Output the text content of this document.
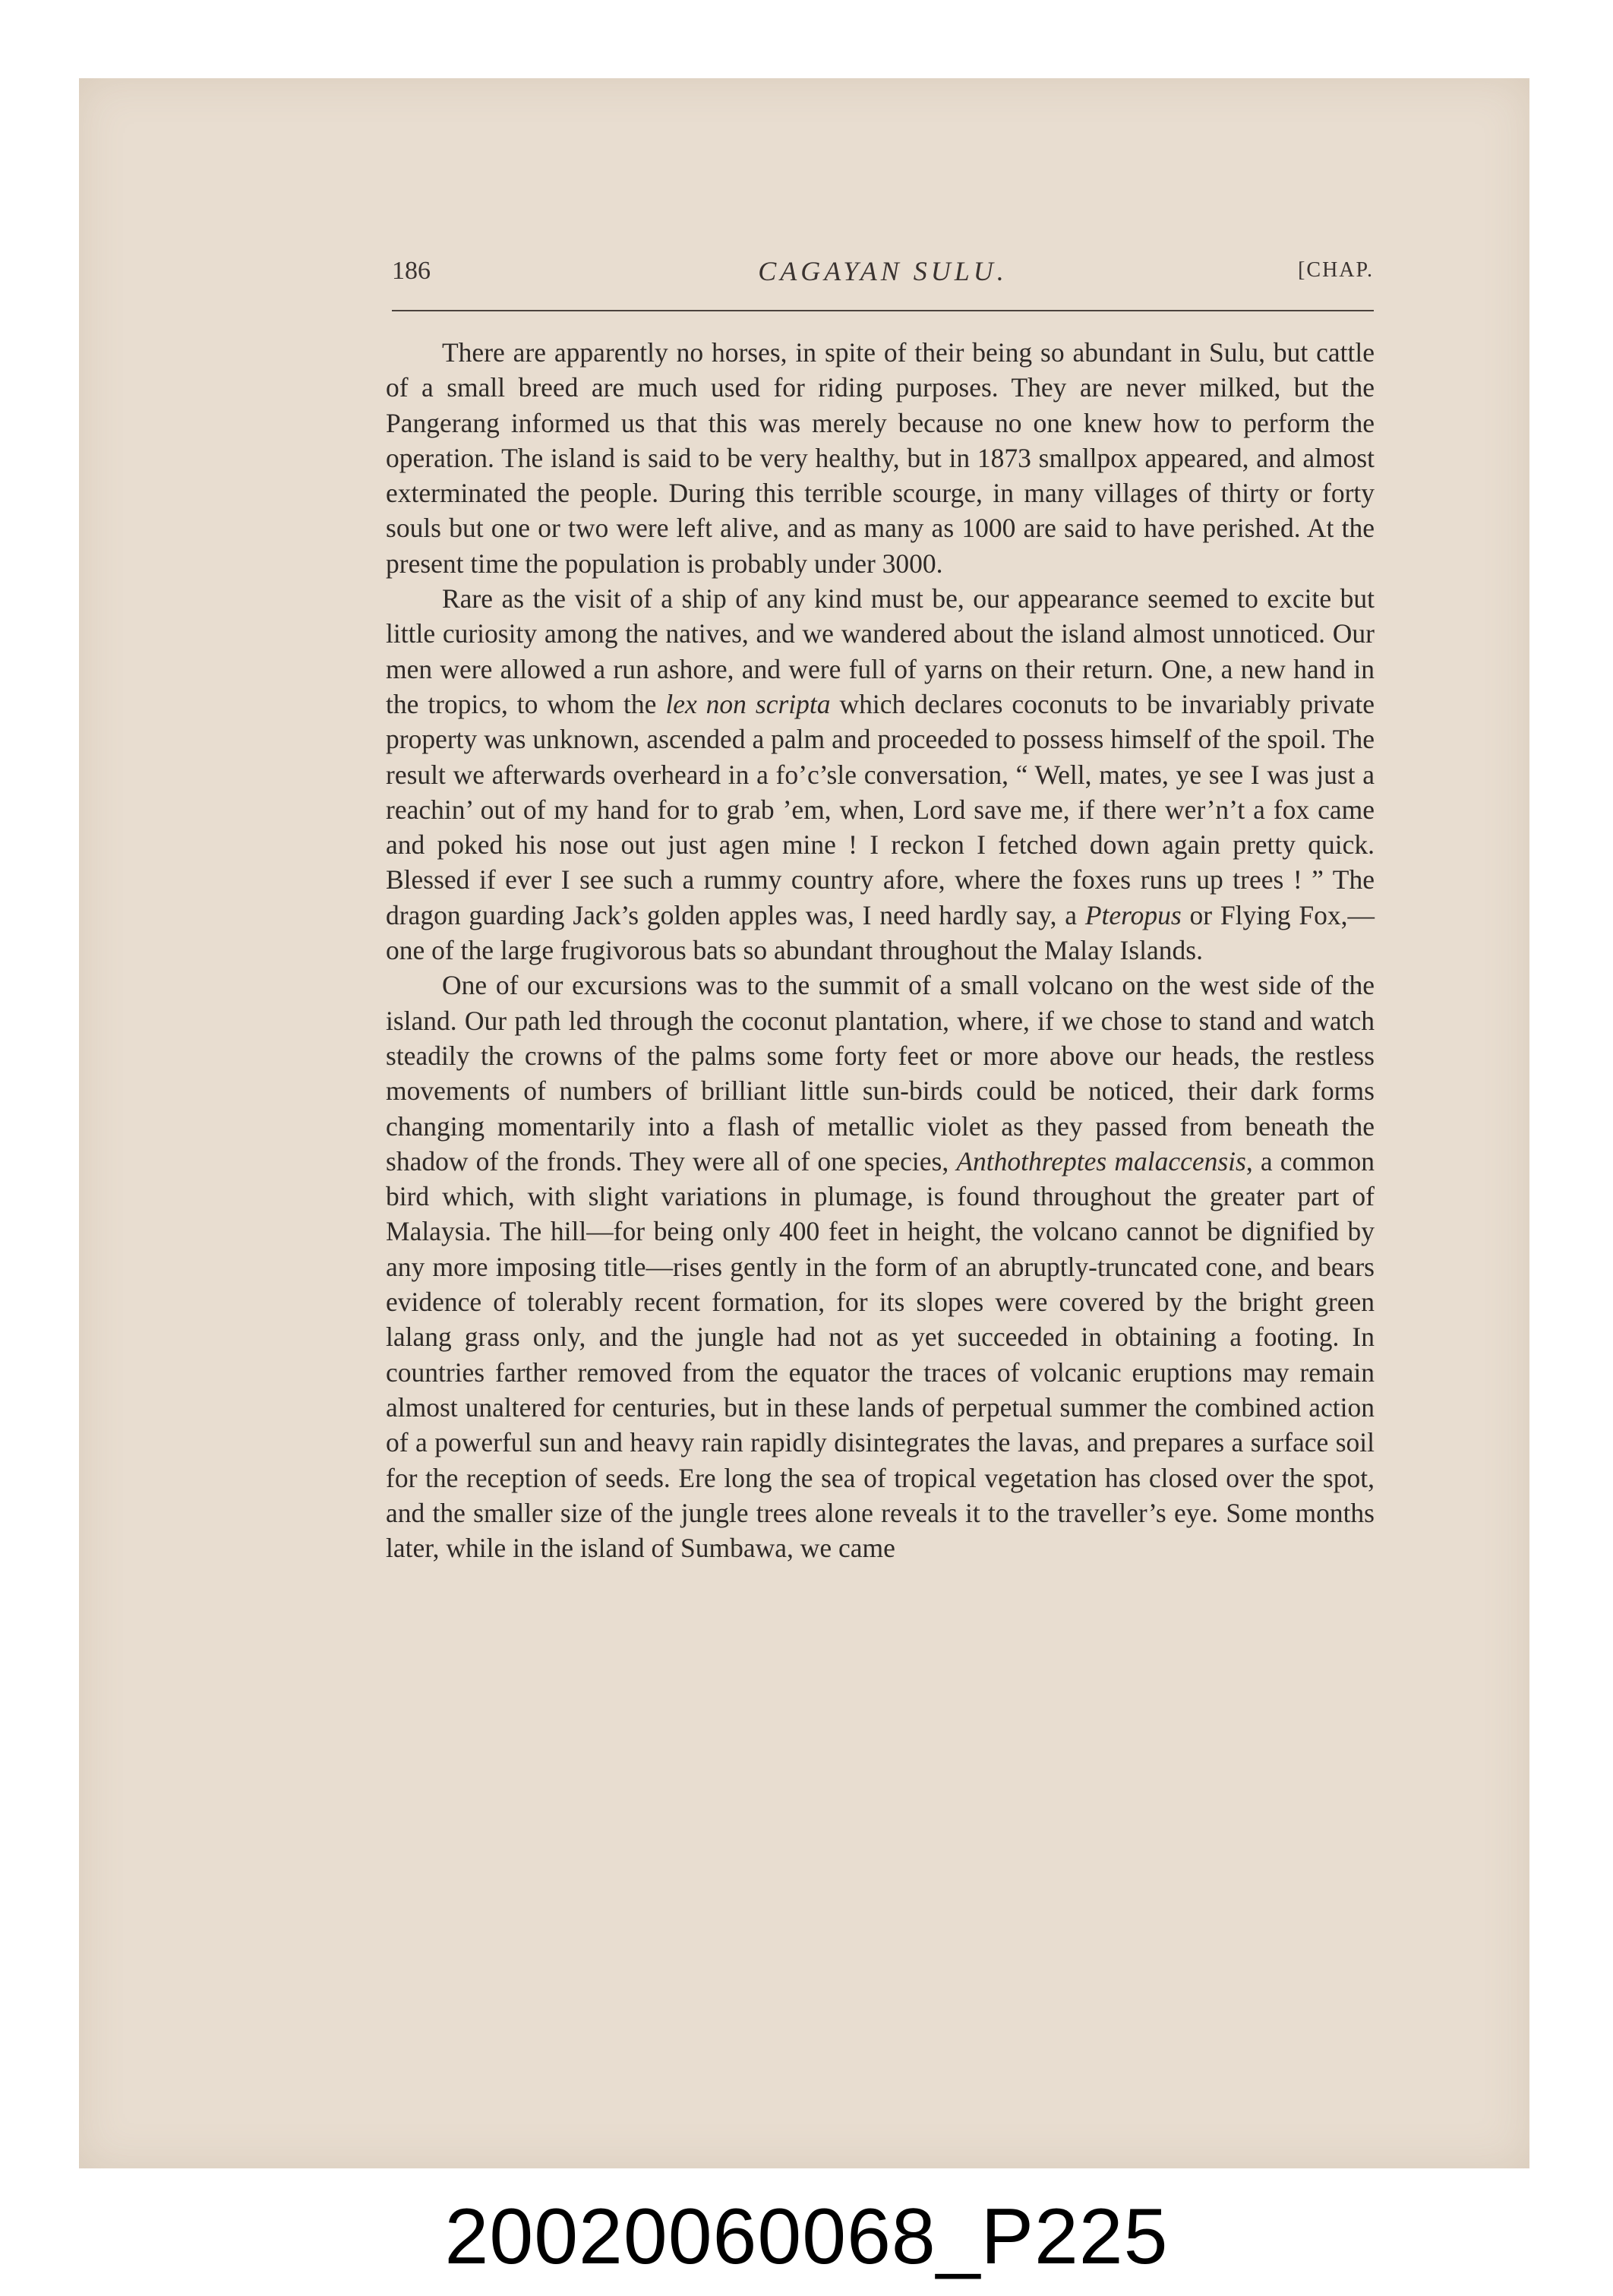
186	CAGAYAN SULU.	[CHAP.

There are apparently no horses, in spite of their being so abundant in Sulu, but cattle of a small breed are much used for riding purposes. They are never milked, but the Pangerang informed us that this was merely because no one knew how to perform the operation. The island is said to be very healthy, but in 1873 smallpox appeared, and almost exterminated the people. During this terrible scourge, in many villages of thirty or forty souls but one or two were left alive, and as many as 1000 are said to have perished. At the present time the population is probably under 3000.

Rare as the visit of a ship of any kind must be, our appearance seemed to excite but little curiosity among the natives, and we wandered about the island almost unnoticed. Our men were allowed a run ashore, and were full of yarns on their return. One, a new hand in the tropics, to whom the lex non scripta which declares coconuts to be invariably private property was unknown, ascended a palm and proceeded to possess himself of the spoil. The result we afterwards overheard in a fo’c’sle conversation, “ Well, mates, ye see I was just a reachin’ out of my hand for to grab ’em, when, Lord save me, if there wer’n’t a fox came and poked his nose out just agen mine ! I reckon I fetched down again pretty quick. Blessed if ever I see such a rummy country afore, where the foxes runs up trees ! ” The dragon guarding Jack’s golden apples was, I need hardly say, a Pteropus or Flying Fox,—one of the large frugivorous bats so abundant throughout the Malay Islands.

One of our excursions was to the summit of a small volcano on the west side of the island. Our path led through the coconut plantation, where, if we chose to stand and watch steadily the crowns of the palms some forty feet or more above our heads, the restless movements of numbers of brilliant little sun-birds could be noticed, their dark forms changing momentarily into a flash of metallic violet as they passed from beneath the shadow of the fronds. They were all of one species, Anthothreptes malaccensis, a common bird which, with slight variations in plumage, is found throughout the greater part of Malaysia. The hill—for being only 400 feet in height, the volcano cannot be dignified by any more imposing title—rises gently in the form of an abruptly-truncated cone, and bears evidence of tolerably recent formation, for its slopes were covered by the bright green lalang grass only, and the jungle had not as yet succeeded in obtaining a footing. In countries farther removed from the equator the traces of volcanic eruptions may remain almost unaltered for centuries, but in these lands of perpetual summer the combined action of a powerful sun and heavy rain rapidly disintegrates the lavas, and prepares a surface soil for the reception of seeds. Ere long the sea of tropical vegetation has closed over the spot, and the smaller size of the jungle trees alone reveals it to the traveller’s eye. Some months later, while in the island of Sumbawa, we came

20020060068_P225
